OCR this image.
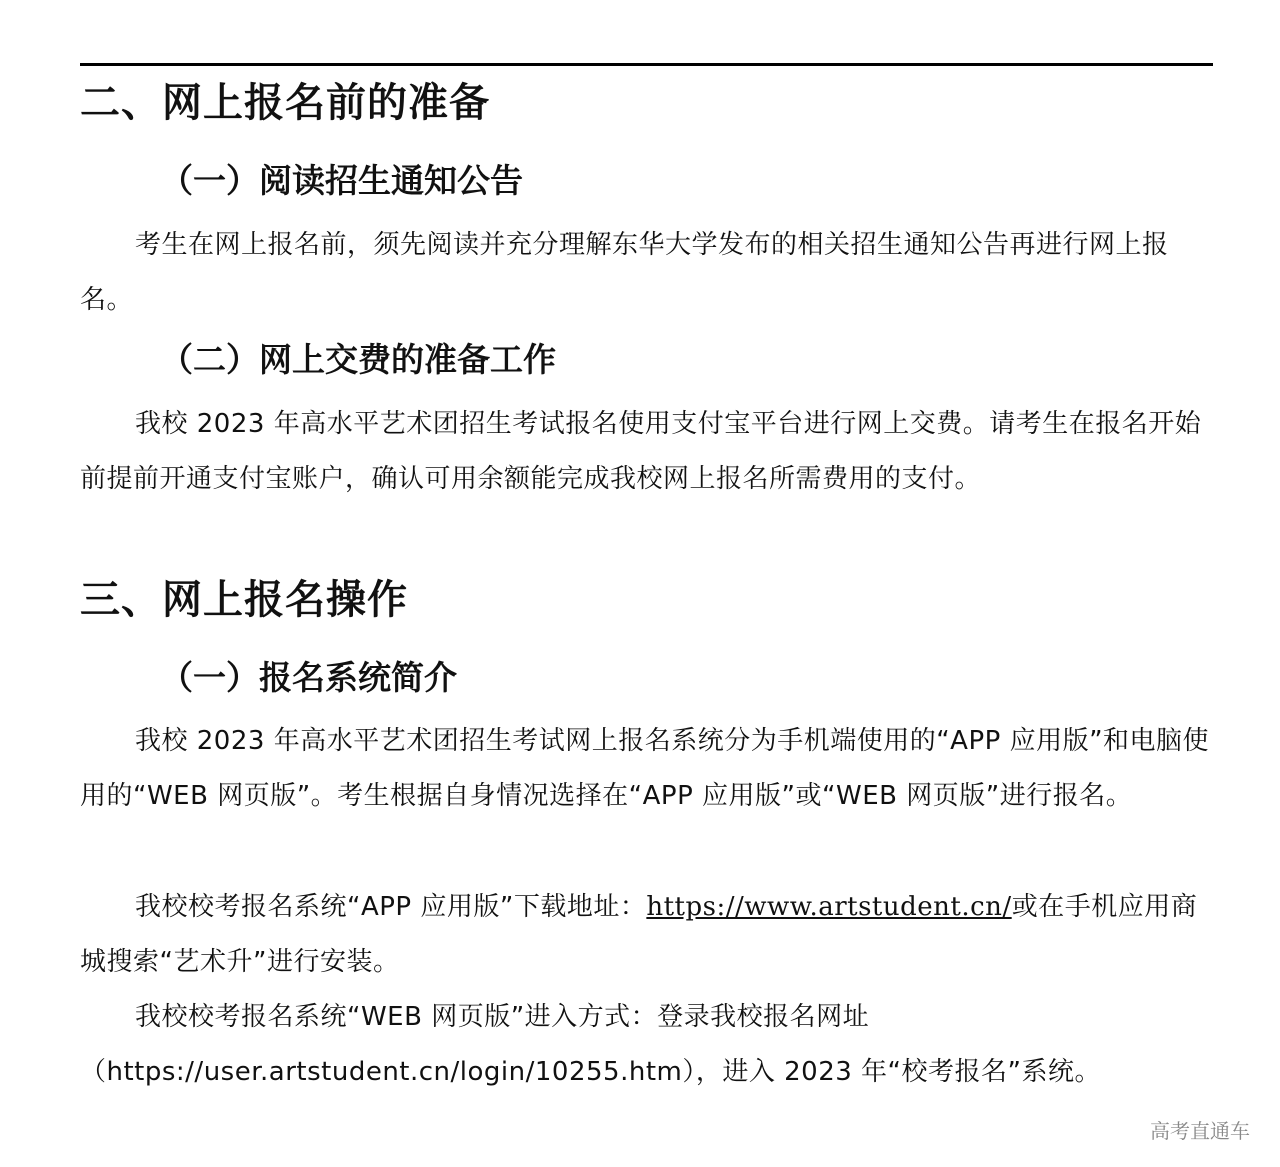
二、网上报名前的准备
（一）阅读招生通知公告
考生在网上报名前，须先阅读并充分理解东华大学发布的相关招生通知公告再进行网上报名。
（二）网上交费的准备工作
我校 2023 年高水平艺术团招生考试报名使用支付宝平台进行网上交费。请考生在报名开始前提前开通支付宝账户，确认可用余额能完成我校网上报名所需费用的支付。
三、网上报名操作
（一）报名系统简介
我校 2023 年高水平艺术团招生考试网上报名系统分为手机端使用的“APP 应用版”和电脑使用的“WEB 网页版”。考生根据自身情况选择在“APP 应用版”或“WEB 网页版”进行报名。
我校校考报名系统“APP 应用版”下载地址：https://www.artstudent.cn/或在手机应用商城搜索“艺术升”进行安装。
我校校考报名系统“WEB 网页版”进入方式：登录我校报名网址
（https://user.artstudent.cn/login/10255.htm），进入 2023 年“校考报名”系统。
高考直通车
